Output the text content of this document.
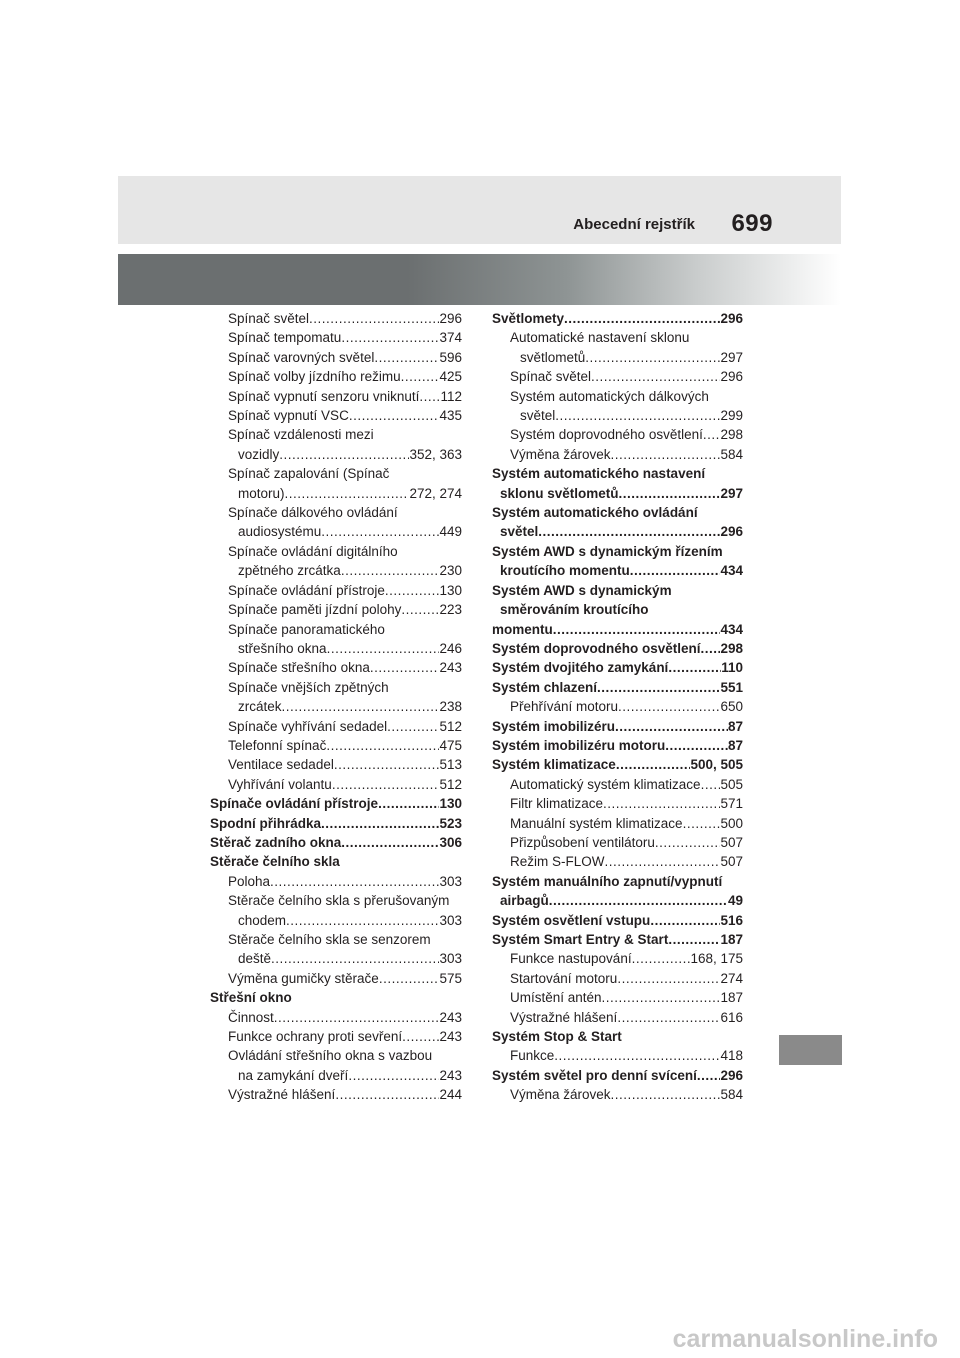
Abecední rejstřík 699
Spínač světel .....	296
Spínač tempomatu .....	374
Spínač varovných světel .....	596
Spínač volby jízdního režimu .....	425
Spínač vypnutí senzoru vniknutí ..... 112
Spínač vypnutí VSC .....	435
Spínač vzdálenosti mezi
vozidly .....	352, 363
Spínač zapalování (Spínač
motoru) .....	272, 274
Spínače dálkového ovládání
audiosystému .....	449
Spínače ovládání digitálního
zpětného zrcátka .....	230
Spínače ovládání přístroje .....	130
Spínače paměti jízdní polohy .....	223
Spínače panoramatického
střešního okna .....	246
Spínače střešního okna .....	243
Spínače vnějších zpětných
zrcátek .....	238
Spínače vyhřívání sedadel .....	512
Telefonní spínač .....	475
Ventilace sedadel .....	513
Vyhřívání volantu .....	512
Spínače ovládání přístroje .....	130
Spodní přihrádka .....	523
Stěrač zadního okna .....	306
Stěrače čelního skla
Poloha .....	303
Stěrače čelního skla s přerušovaným
chodem .....	303
Stěrače čelního skla se senzorem
deště .....	303
Výměna gumičky stěrače .....	575
Střešní okno
Činnost .....	243
Funkce ochrany proti sevření .....	243
Ovládání střešního okna s vazbou
na zamykání dveří .....	243
Výstražné hlášení .....	244
Světlomety .....	296
Automatické nastavení sklonu
světlometů .....	297
Spínač světel .....	296
Systém automatických dálkových
světel .....	299
Systém doprovodného osvětlení ..... 298
Výměna žárovek .....	584
Systém automatického nastavení
sklonu světlometů .....	297
Systém automatického ovládání
světel .....	296
Systém AWD s dynamickým řízením
kroutícího momentu .....	434
Systém AWD s dynamickým
směrováním kroutícího
momentu .....	434
Systém doprovodného osvětlení ..... 298
Systém dvojitého zamykání .....	110
Systém chlazení .....	551
Přehřívání motoru .....	650
Systém imobilizéru .....	87
Systém imobilizéru motoru .....	87
Systém klimatizace .....	500, 505
Automatický systém klimatizace ..... 505
Filtr klimatizace .....	571
Manuální systém klimatizace .....	500
Přizpůsobení ventilátoru .....	507
Režim S-FLOW .....	507
Systém manuálního zapnutí/vypnutí
airbagů .....	49
Systém osvětlení vstupu .....	516
Systém Smart Entry & Start .....	187
Funkce nastupování .....	168, 175
Startování motoru .....	274
Umístění antén .....	187
Výstražné hlášení .....	616
Systém Stop & Start
Funkce .....	418
Systém světel pro denní svícení ..... 296
Výměna žárovek .....	584
carmanualsonline.info
